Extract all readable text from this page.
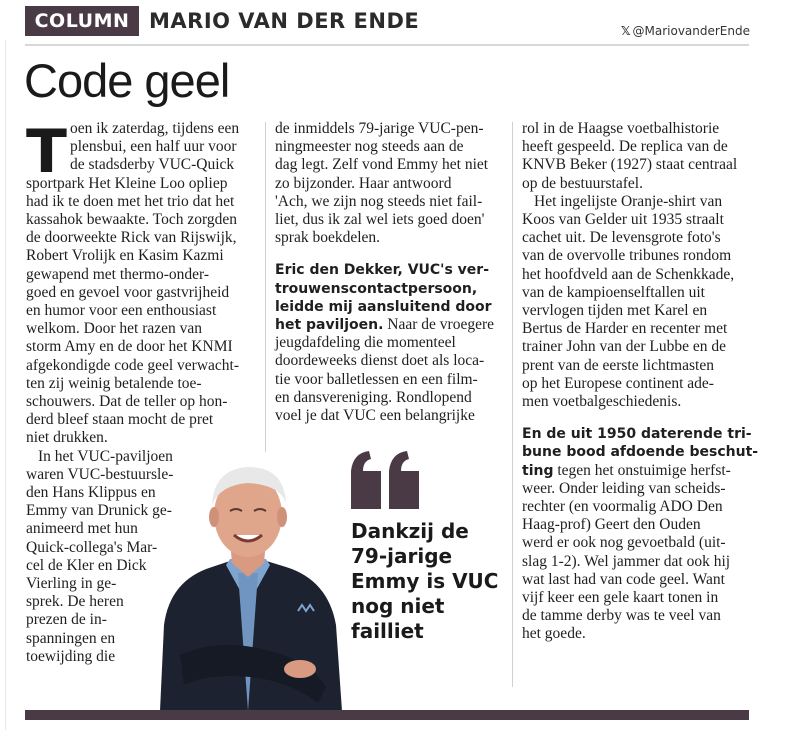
COLUMN MARIO VAN DER ENDE	𝕏 @MariovanderEnde
Code geel
T oen ik zaterdag, tijdens een
plensbui, een half uur voor
de stadsderby VUC-Quick
sportpark Het Kleine Loo opliep
had ik te doen met het trio dat het
kassahok bewaakte. Toch zorgden
de doorweekte Rick van Rijswijk,
Robert Vrolijk en Kasim Kazmi
gewapend met thermo-onder-
goed en gevoel voor gastvrijheid
en humor voor een enthousiast
welkom. Door het razen van
storm Amy en de door het KNMI
afgekondigde code geel verwacht-
ten zij weinig betalende toe-
schouwers. Dat de teller op hon-
derd bleef staan mocht de pret
niet drukken.
In het VUC-paviljoen
waren VUC-bestuursle-
den Hans Klippus en
Emmy van Drunick ge-
animeerd met hun
Quick-collega's Mar-
cel de Kler en Dick
Vierling in ge-
sprek. De heren
prezen de in-
spanningen en
toewijding die
de inmiddels 79-jarige VUC-pen-
ningmeester nog steeds aan de
dag legt. Zelf vond Emmy het niet
zo bijzonder. Haar antwoord
'Ach, we zijn nog steeds niet fail-
liet, dus ik zal wel iets goed doen'
sprak boekdelen.
Eric den Dekker, VUC's ver-
trouwenscontactpersoon,
leidde mij aansluitend door
het paviljoen. Naar de vroegere
jeugdafdeling die momenteel
doordeweeks dienst doet als loca-
tie voor balletlessen en een film-
en dansvereniging. Rondlopend
voel je dat VUC een belangrijke
rol in de Haagse voetbalhistorie
heeft gespeeld. De replica van de
KNVB Beker (1927) staat centraal
op de bestuurstafel.
Het ingelijste Oranje-shirt van
Koos van Gelder uit 1935 straalt
cachet uit. De levensgrote foto's
van de overvolle tribunes rondom
het hoofdveld aan de Schenkkade,
van de kampioenselftallen uit
vervlogen tijden met Karel en
Bertus de Harder en recenter met
trainer John van der Lubbe en de
prent van de eerste lichtmasten
op het Europese continent ade-
men voetbalgeschiedenis.
En de uit 1950 daterende tri-
bune bood afdoende beschut-
ting tegen het onstuimige herfst-
weer. Onder leiding van scheids-
rechter (en voormalig ADO Den
Haag-prof) Geert den Ouden
werd er ook nog gevoetbald (uit-
slag 1-2). Wel jammer dat ook hij
wat last had van code geel. Want
vijf keer een gele kaart tonen in
de tamme derby was te veel van
het goede.
Dankzij de 79-jarige Emmy is VUC nog niet failliet
